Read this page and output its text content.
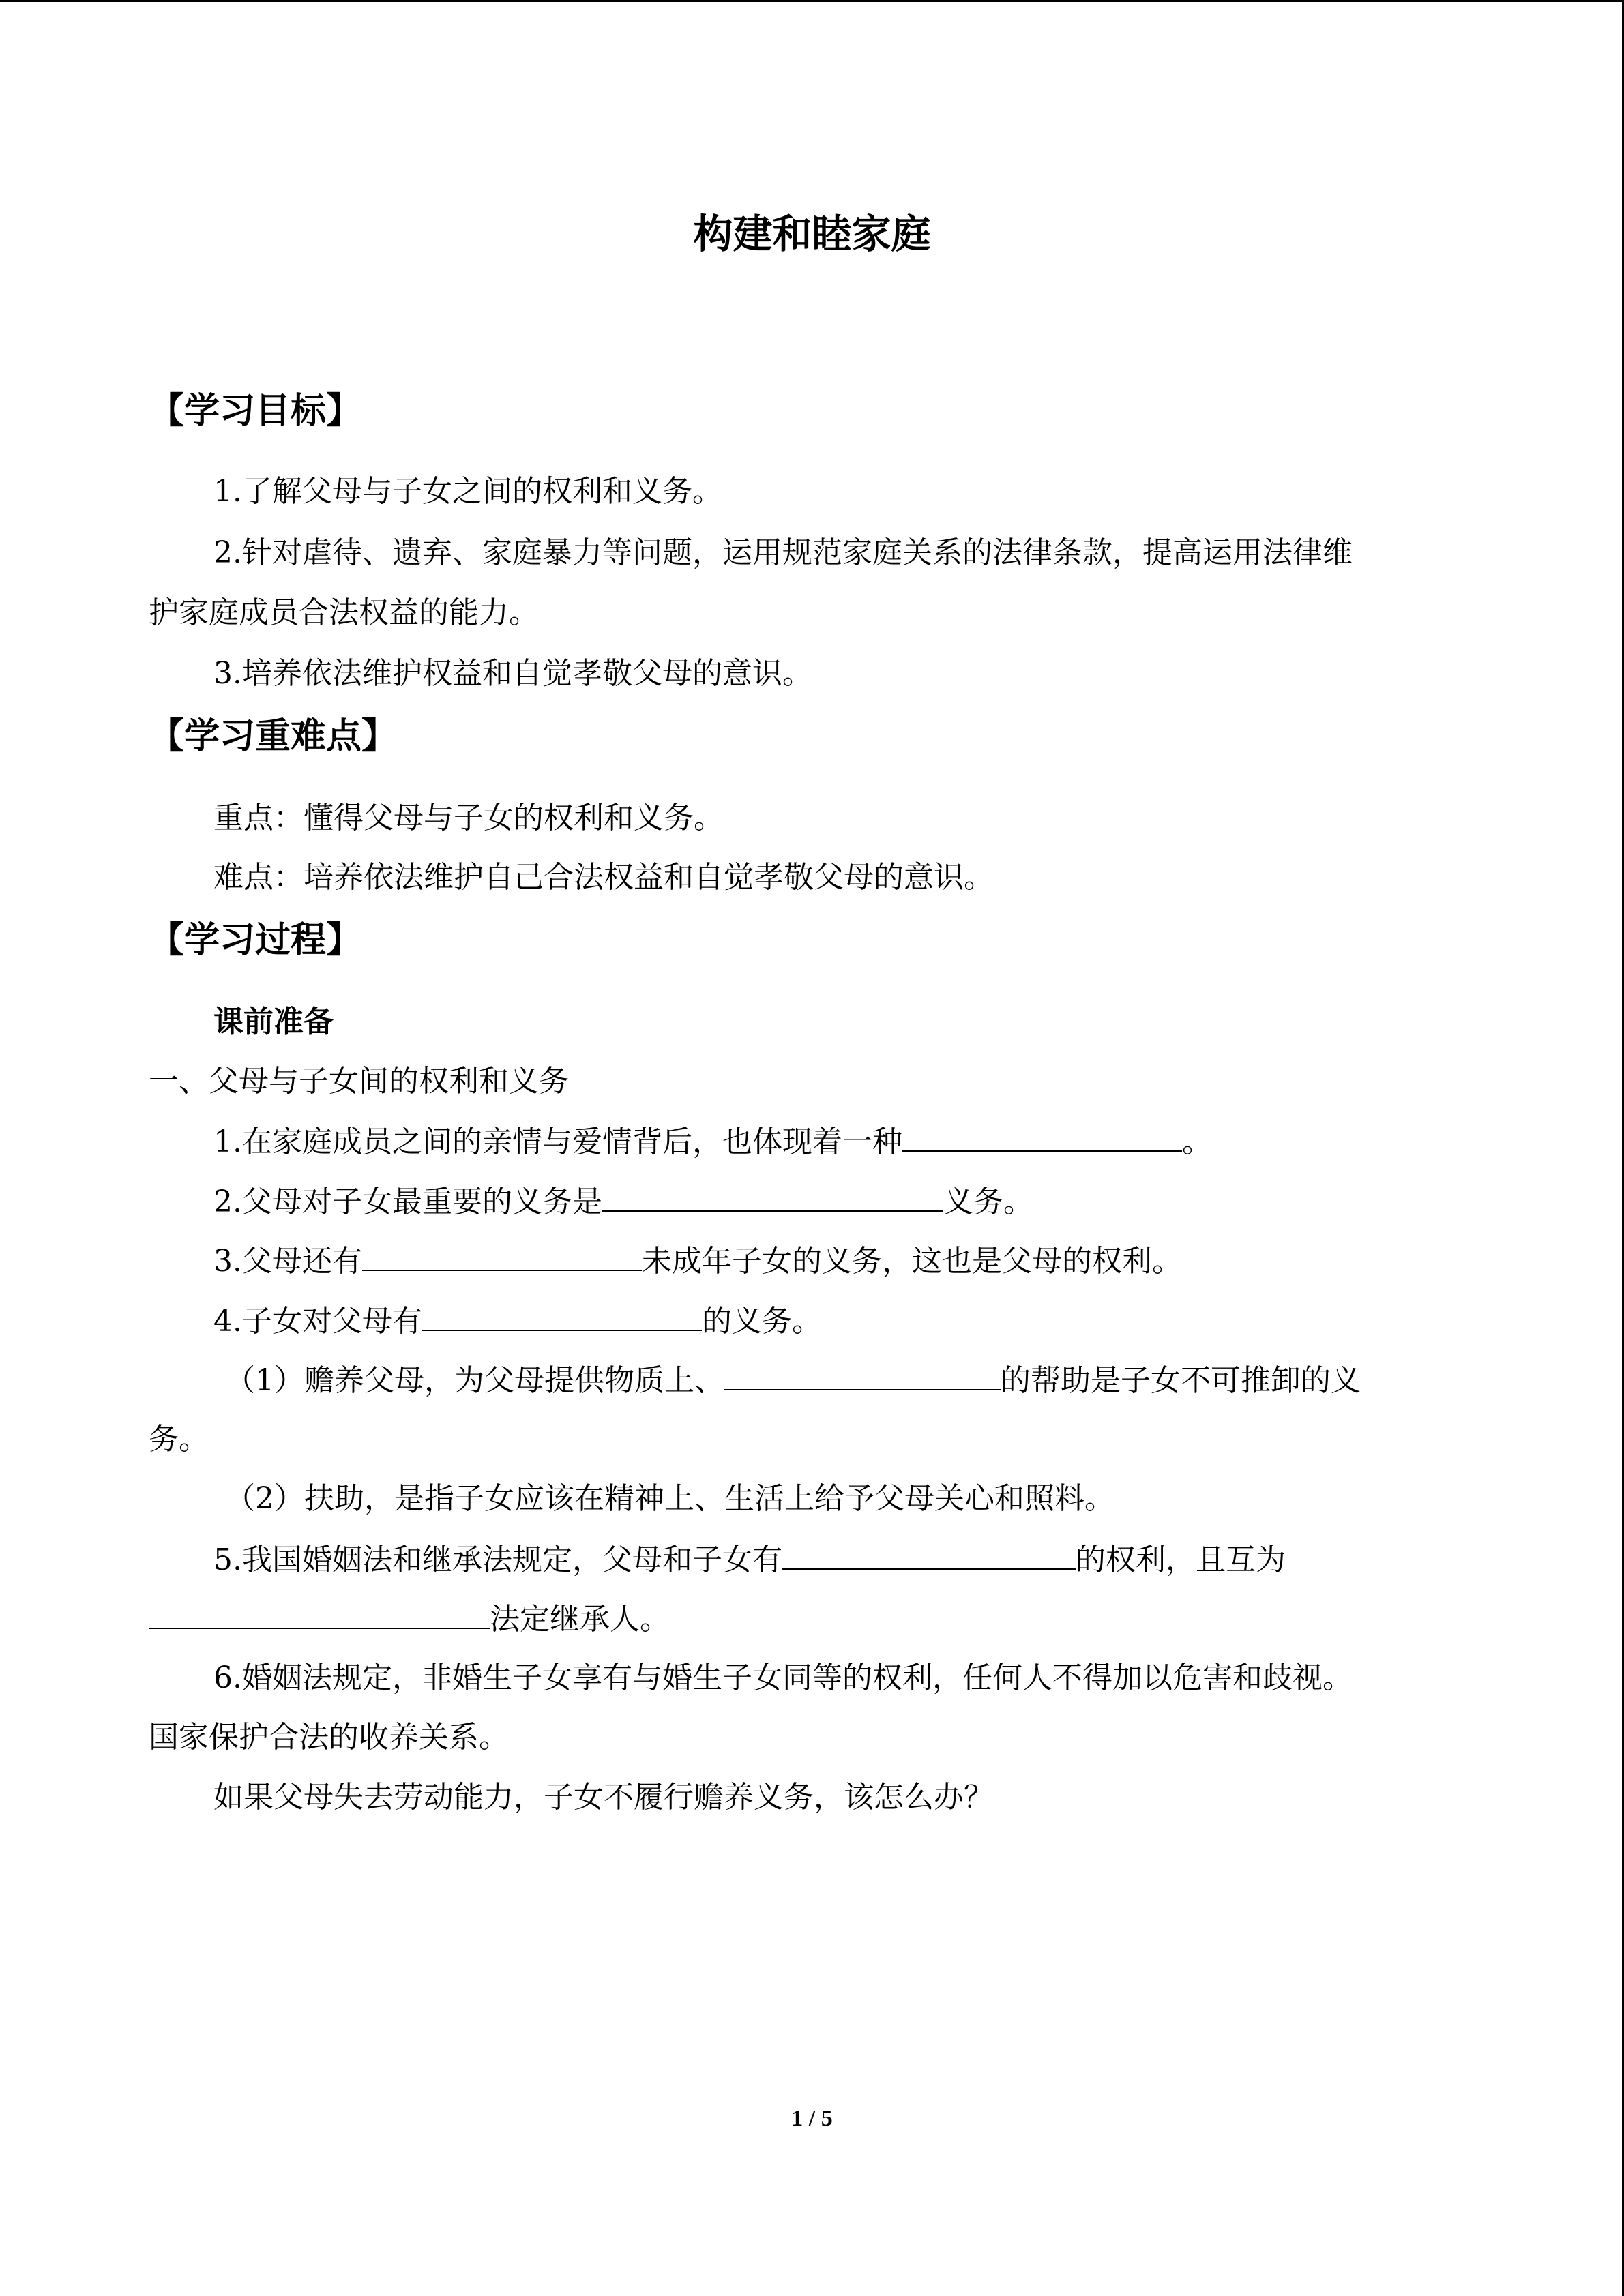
构建和睦家庭
【学习目标】
1.了解父母与子女之间的权利和义务。
2.针对虐待、遗弃、家庭暴力等问题，运用规范家庭关系的法律条款，提高运用法律维
护家庭成员合法权益的能力。
3.培养依法维护权益和自觉孝敬父母的意识。
【学习重难点】
重点：懂得父母与子女的权利和义务。
难点：培养依法维护自己合法权益和自觉孝敬父母的意识。
【学习过程】
课前准备
一、父母与子女间的权利和义务
1.在家庭成员之间的亲情与爱情背后，也体现着一种	。
2.父母对子女最重要的义务是	义务。
3.父母还有	未成年子女的义务，这也是父母的权利。
4.子女对父母有	的义务。
（1）赡养父母，为父母提供物质上、	的帮助是子女不可推卸的义
务。
（2）扶助，是指子女应该在精神上、生活上给予父母关心和照料。
5.我国婚姻法和继承法规定，父母和子女有	的权利，且互为
法定继承人。
6.婚姻法规定，非婚生子女享有与婚生子女同等的权利，任何人不得加以危害和歧视。
国家保护合法的收养关系。
如果父母失去劳动能力，子女不履行赡养义务，该怎么办？
1 / 5
